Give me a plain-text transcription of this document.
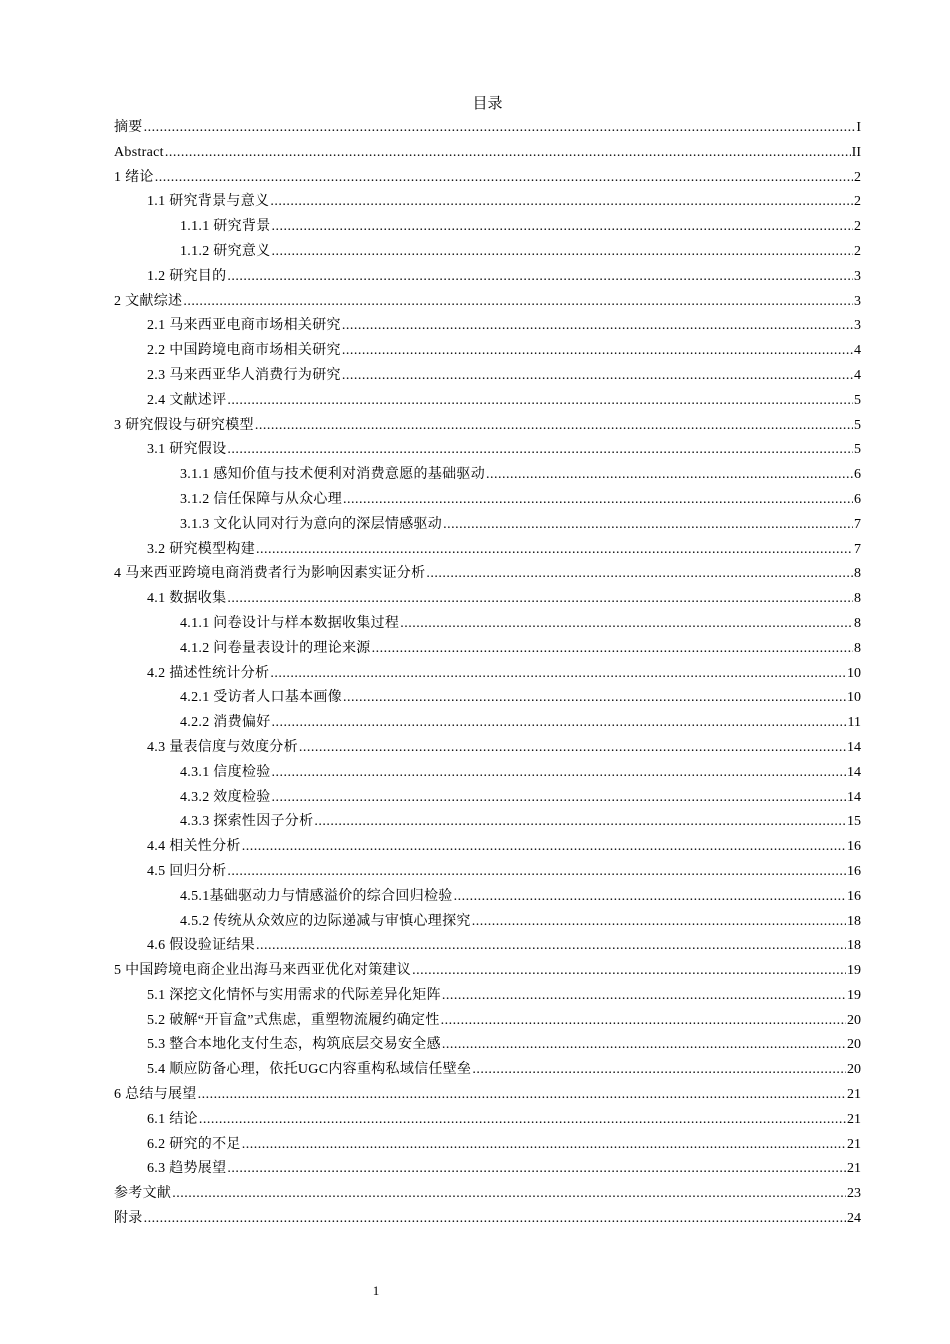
目录
摘要 .....	I
Abstract .....	II
1 绪论 .....	2
1.1 研究背景与意义 .....	2
1.1.1 研究背景 .....	2
1.1.2 研究意义 .....	2
1.2 研究目的 .....	3
2 文献综述 .....	3
2.1 马来西亚电商市场相关研究 .....	3
2.2 中国跨境电商市场相关研究 .....	4
2.3 马来西亚华人消费行为研究 .....	4
2.4 文献述评 .....	5
3 研究假设与研究模型 .....	5
3.1 研究假设 .....	5
3.1.1 感知价值与技术便利对消费意愿的基础驱动 .....	6
3.1.2 信任保障与从众心理 .....	6
3.1.3 文化认同对行为意向的深层情感驱动 .....	7
3.2 研究模型构建 .....	7
4 马来西亚跨境电商消费者行为影响因素实证分析 .....	8
4.1 数据收集 .....	8
4.1.1 问卷设计与样本数据收集过程 .....	8
4.1.2 问卷量表设计的理论来源 .....	8
4.2 描述性统计分析 .....	10
4.2.1 受访者人口基本画像 .....	10
4.2.2 消费偏好 .....	11
4.3 量表信度与效度分析 .....	14
4.3.1 信度检验 .....	14
4.3.2 效度检验 .....	14
4.3.3 探索性因子分析 .....	15
4.4 相关性分析 .....	16
4.5 回归分析 .....	16
4.5.1基础驱动力与情感溢价的综合回归检验 .....	16
4.5.2 传统从众效应的边际递减与审慎心理探究 .....	18
4.6 假设验证结果 .....	18
5 中国跨境电商企业出海马来西亚优化对策建议 .....	19
5.1 深挖文化情怀与实用需求的代际差异化矩阵 .....	19
5.2 破解“开盲盒”式焦虑，重塑物流履约确定性 .....	20
5.3 整合本地化支付生态，构筑底层交易安全感 .....	20
5.4 顺应防备心理，依托UGC内容重构私域信任壁垒 .....	20
6 总结与展望 .....	21
6.1 结论 .....	21
6.2 研究的不足 .....	21
6.3 趋势展望 .....	21
参考文献 .....	23
附录 .....	24
1
